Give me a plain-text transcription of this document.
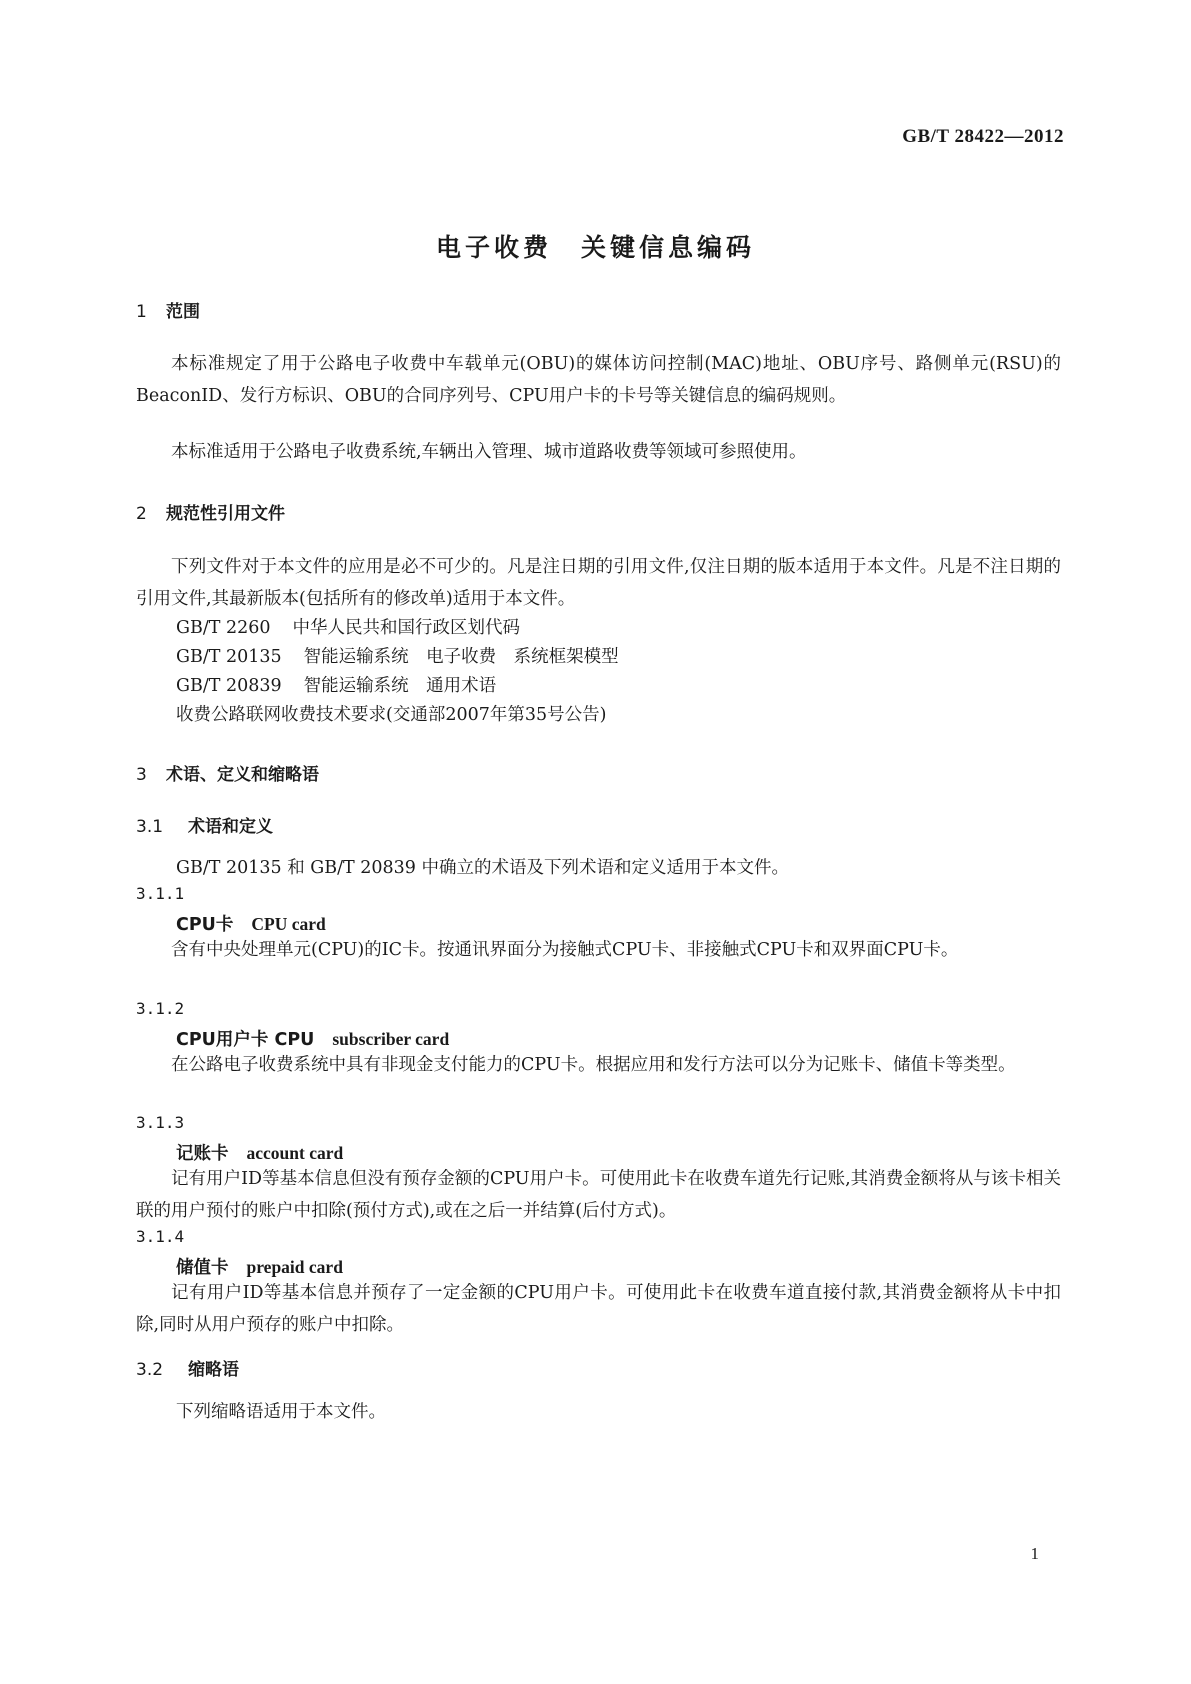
GB/T 28422—2012
电子收费　关键信息编码
1 范围
本标准规定了用于公路电子收费中车载单元(OBU)的媒体访问控制(MAC)地址、OBU序号、路侧单元(RSU)的BeaconID、发行方标识、OBU的合同序列号、CPU用户卡的卡号等关键信息的编码规则。
本标准适用于公路电子收费系统,车辆出入管理、城市道路收费等领域可参照使用。
2 规范性引用文件
下列文件对于本文件的应用是必不可少的。凡是注日期的引用文件,仅注日期的版本适用于本文件。凡是不注日期的引用文件,其最新版本(包括所有的修改单)适用于本文件。
GB/T 2260 中华人民共和国行政区划代码
GB/T 20135 智能运输系统　电子收费　系统框架模型
GB/T 20839 智能运输系统　通用术语
收费公路联网收费技术要求(交通部2007年第35号公告)
3 术语、定义和缩略语
3.1 术语和定义
GB/T 20135 和 GB/T 20839 中确立的术语及下列术语和定义适用于本文件。
3.1.1
CPU卡 CPU card
含有中央处理单元(CPU)的IC卡。按通讯界面分为接触式CPU卡、非接触式CPU卡和双界面CPU卡。
3.1.2
CPU用户卡 CPU subscriber card
在公路电子收费系统中具有非现金支付能力的CPU卡。根据应用和发行方法可以分为记账卡、储值卡等类型。
3.1.3
记账卡 account card
记有用户ID等基本信息但没有预存金额的CPU用户卡。可使用此卡在收费车道先行记账,其消费金额将从与该卡相关联的用户预付的账户中扣除(预付方式),或在之后一并结算(后付方式)。
3.1.4
储值卡 prepaid card
记有用户ID等基本信息并预存了一定金额的CPU用户卡。可使用此卡在收费车道直接付款,其消费金额将从卡中扣除,同时从用户预存的账户中扣除。
3.2 缩略语
下列缩略语适用于本文件。
1
